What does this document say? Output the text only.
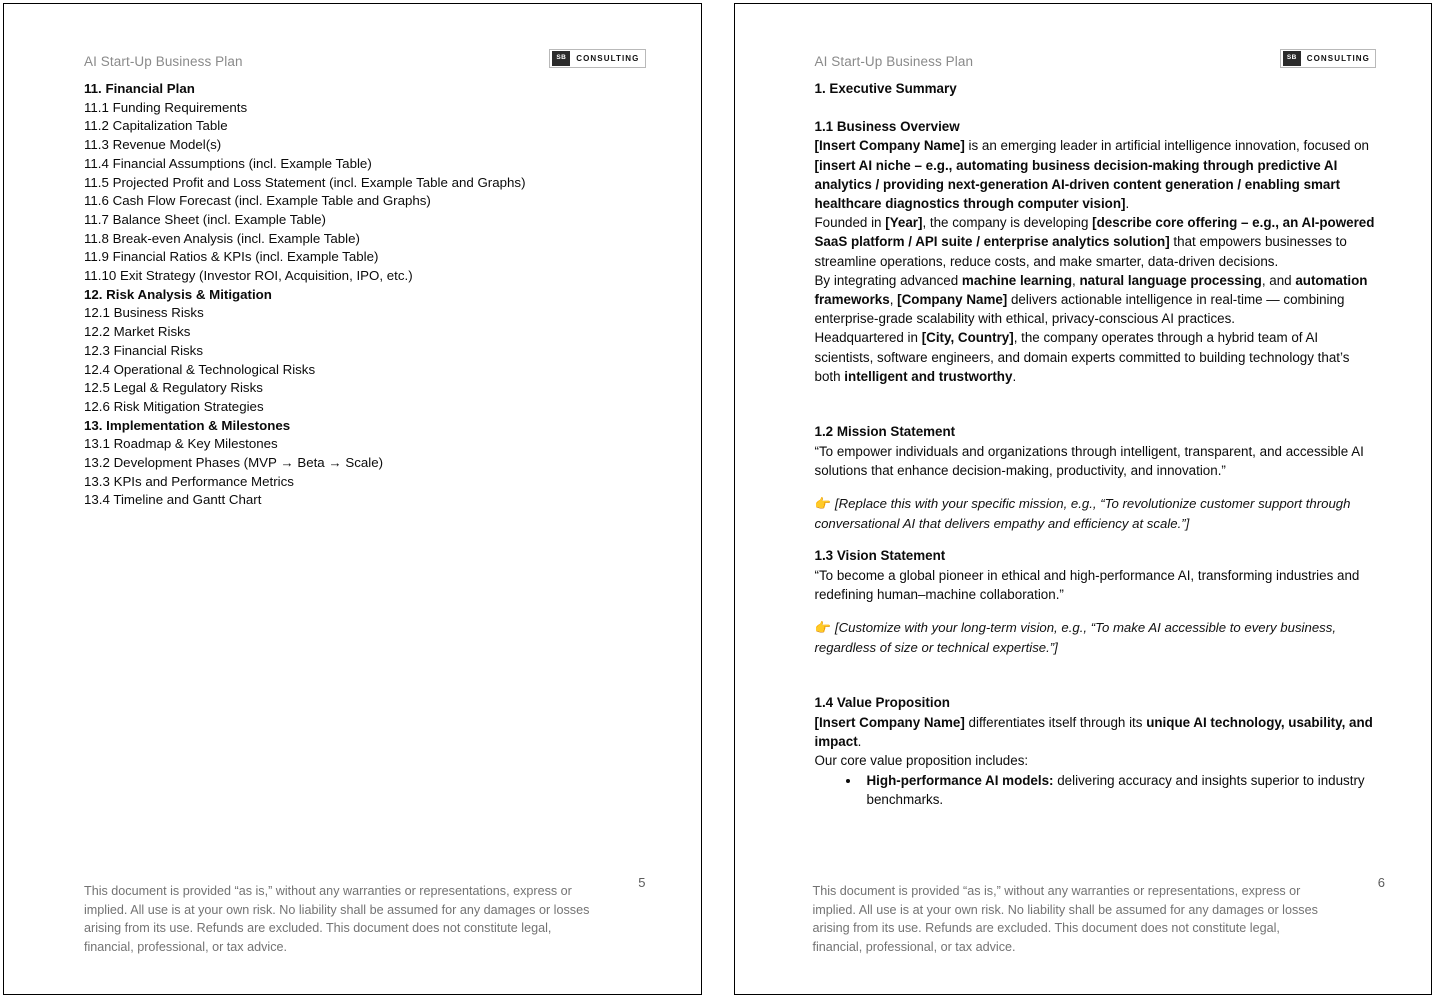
AI Start-Up Business Plan	SB	CONSULTING
11. Financial Plan
11.1 Funding Requirements
11.2 Capitalization Table
11.3 Revenue Model(s)
11.4 Financial Assumptions (incl. Example Table)
11.5 Projected Profit and Loss Statement (incl. Example Table and Graphs)
11.6 Cash Flow Forecast (incl. Example Table and Graphs)
11.7 Balance Sheet (incl. Example Table)
11.8 Break-even Analysis (incl. Example Table)
11.9 Financial Ratios & KPIs (incl. Example Table)
11.10 Exit Strategy (Investor ROI, Acquisition, IPO, etc.)
12. Risk Analysis & Mitigation
12.1 Business Risks
12.2 Market Risks
12.3 Financial Risks
12.4 Operational & Technological Risks
12.5 Legal & Regulatory Risks
12.6 Risk Mitigation Strategies
13. Implementation & Milestones
13.1 Roadmap & Key Milestones
13.2 Development Phases (MVP → Beta → Scale)
13.3 KPIs and Performance Metrics
13.4 Timeline and Gantt Chart
5
This document is provided “as is,” without any warranties or representations, express or implied. All use is at your own risk. No liability shall be assumed for any damages or losses arising from its use. Refunds are excluded. This document does not constitute legal, financial, professional, or tax advice.
AI Start-Up Business Plan	SB	CONSULTING
1. Executive Summary
1.1 Business Overview
[Insert Company Name] is an emerging leader in artificial intelligence innovation, focused on [insert AI niche – e.g., automating business decision-making through predictive AI analytics / providing next-generation AI-driven content generation / enabling smart healthcare diagnostics through computer vision].
Founded in [Year], the company is developing [describe core offering – e.g., an AI-powered SaaS platform / API suite / enterprise analytics solution] that empowers businesses to streamline operations, reduce costs, and make smarter, data-driven decisions.
By integrating advanced machine learning, natural language processing, and automation frameworks, [Company Name] delivers actionable intelligence in real-time — combining enterprise-grade scalability with ethical, privacy-conscious AI practices.
Headquartered in [City, Country], the company operates through a hybrid team of AI scientists, software engineers, and domain experts committed to building technology that’s both intelligent and trustworthy.
1.2 Mission Statement
“To empower individuals and organizations through intelligent, transparent, and accessible AI solutions that enhance decision-making, productivity, and innovation.”
👉 [Replace this with your specific mission, e.g., “To revolutionize customer support through conversational AI that delivers empathy and efficiency at scale.”]
1.3 Vision Statement
“To become a global pioneer in ethical and high-performance AI, transforming industries and redefining human–machine collaboration.”
👉 [Customize with your long-term vision, e.g., “To make AI accessible to every business, regardless of size or technical expertise.”]
1.4 Value Proposition
[Insert Company Name] differentiates itself through its unique AI technology, usability, and impact.
Our core value proposition includes:
• High-performance AI models: delivering accuracy and insights superior to industry benchmarks.
6
This document is provided “as is,” without any warranties or representations, express or implied. All use is at your own risk. No liability shall be assumed for any damages or losses arising from its use. Refunds are excluded. This document does not constitute legal, financial, professional, or tax advice.
